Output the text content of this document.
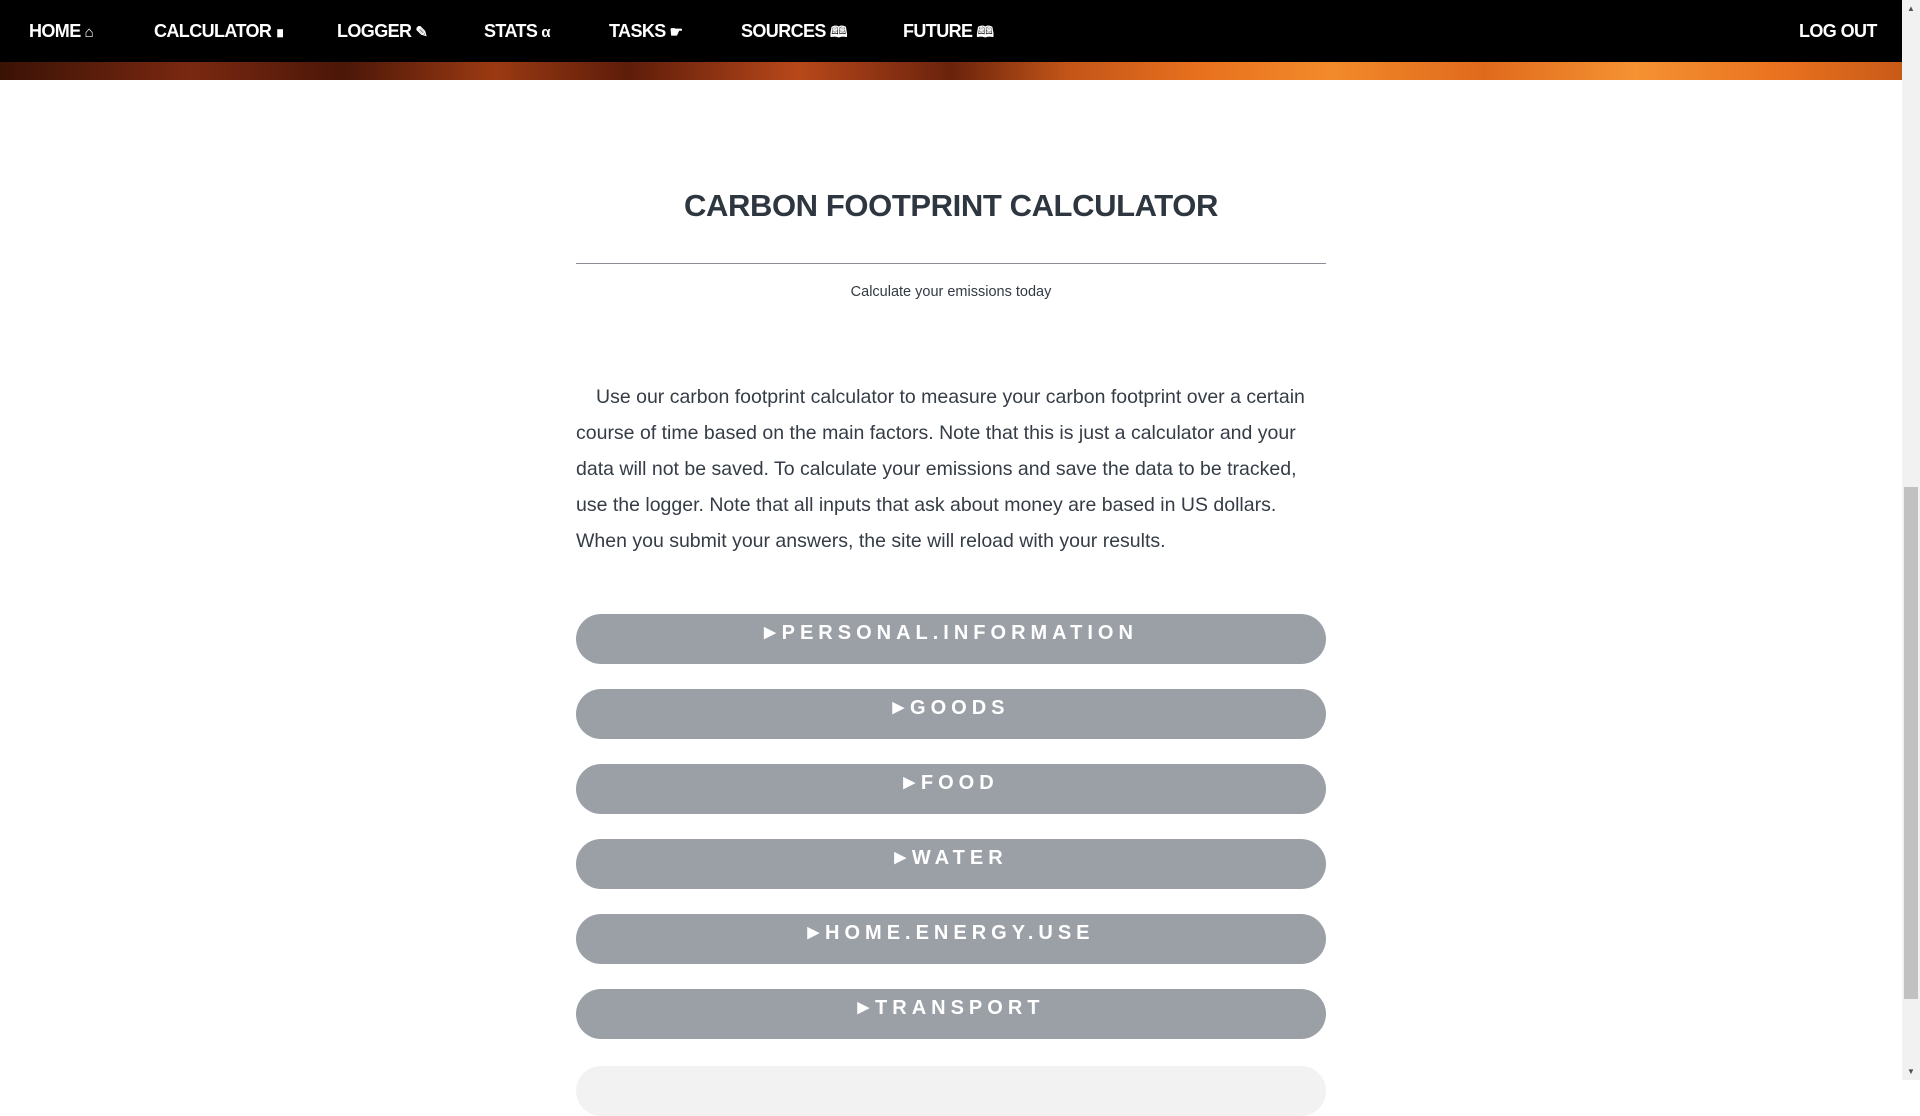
HOME ⌂	CALCULATOR ∎	LOGGER ✎	STATS α	TASKS ☛	SOURCES 🕮	FUTURE 🕮	LOG OUT
CARBON FOOTPRINT CALCULATOR
Calculate your emissions today

Use our carbon footprint calculator to measure your carbon footprint over a certain course of time based on the main factors. Note that this is just a calculator and your data will not be saved. To calculate your emissions and save the data to be tracked, use the logger. Note that all inputs that ask about money are based in US dollars. When you submit your answers, the site will reload with your results.

▶ PERSONAL.INFORMATION
▶ GOODS
▶ FOOD
▶ WATER
▶ HOME.ENERGY.USE
▶ TRANSPORT
▲
▼
